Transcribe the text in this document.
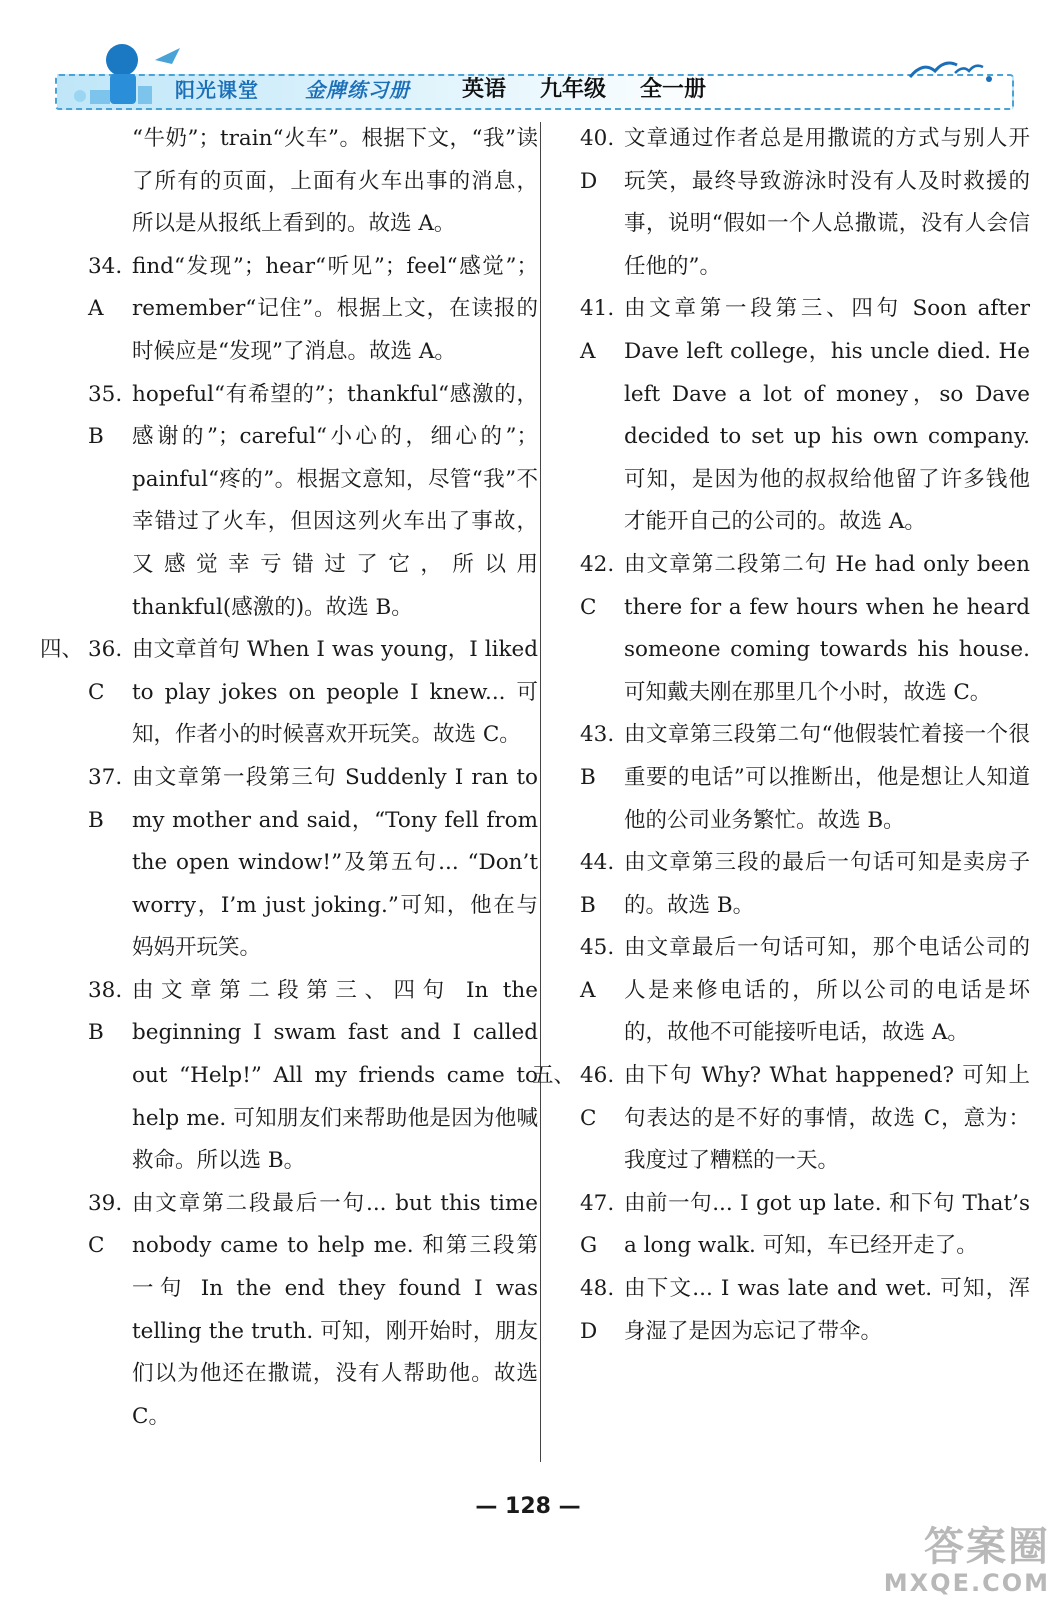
阳光课堂 金牌练习册 英语 九年级 全一册
“牛奶”；train“火车”。根据下文，“我”读了所有的页面，上面有火车出事的消息，所以是从报纸上看到的。故选 A。
34. A
find“发现”；hear“听见”；feel“感觉”；remember“记住”。根据上文，在读报的时候应是“发现”了消息。故选 A。
35. B
hopeful“有希望的”；thankful“感激的，感谢的”；careful“小心的，细心的”；painful“疼的”。根据文意知，尽管“我”不幸错过了火车，但因这列火车出了事故，又感觉幸亏错过了它，所以用 thankful(感激的)。故选 B。
四、 36. C
由文章首句 When I was young，I liked to play jokes on people I knew... 可知，作者小的时候喜欢开玩笑。故选 C。
37. B
由文章第一段第三句 Suddenly I ran to my mother and said，“Tony fell from the open window!”及第五句... “Don’t worry，I’m just joking.”可知，他在与妈妈开玩笑。
38. B
由文章第二段第三、四句 In the beginning I swam fast and I called out “Help!” All my friends came to help me. 可知朋友们来帮助他是因为他喊救命。所以选 B。
39. C
由文章第二段最后一句... but this time nobody came to help me. 和第三段第一句 In the end they found I was telling the truth. 可知，刚开始时，朋友们以为他还在撒谎，没有人帮助他。故选 C。
40. D
文章通过作者总是用撒谎的方式与别人开玩笑，最终导致游泳时没有人及时救援的事，说明“假如一个人总撒谎，没有人会信任他的”。
41. A
由文章第一段第三、四句 Soon after Dave left college，his uncle died. He left Dave a lot of money，so Dave decided to set up his own company. 可知，是因为他的叔叔给他留了许多钱他才能开自己的公司的。故选 A。
42. C
由文章第二段第二句 He had only been there for a few hours when he heard someone coming towards his house. 可知戴夫刚在那里几个小时，故选 C。
43. B
由文章第三段第二句“他假装忙着接一个很重要的电话”可以推断出，他是想让人知道他的公司业务繁忙。故选 B。
44. B
由文章第三段的最后一句话可知是卖房子的。故选 B。
45. A
由文章最后一句话可知，那个电话公司的人是来修电话的，所以公司的电话是坏的，故他不可能接听电话，故选 A。
五、 46. C
由下句 Why? What happened? 可知上句表达的是不好的事情，故选 C，意为：我度过了糟糕的一天。
47. G
由前一句... I got up late. 和下句 That’s a long walk. 可知，车已经开走了。
48. D
由下文... I was late and wet. 可知，浑身湿了是因为忘记了带伞。
— 128 —
答案圈
MXQE.COM
